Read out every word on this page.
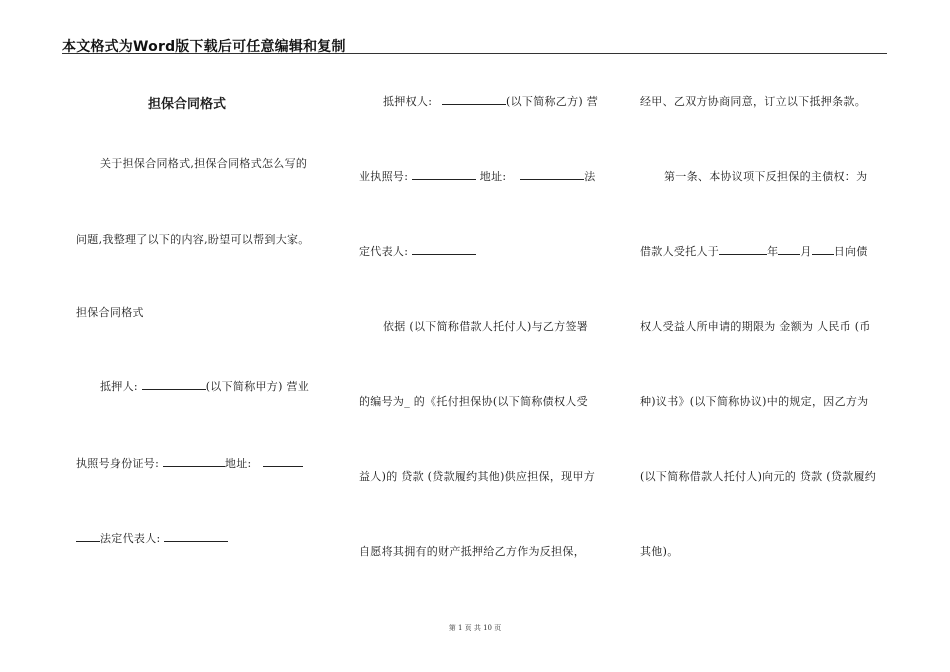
本文格式为Word版下载后可任意编辑和复制
担保合同格式
关于担保合同格式,担保合同格式怎么写的
问题,我整理了以下的内容,盼望可以帮到大家。
担保合同格式
抵押人:	(以下简称甲方) 营业
执照号身份证号:	地址:
法定代表人:
抵押权人:	(以下简称乙方) 营
业执照号:	地址:	法
定代表人:
依据 (以下简称借款人托付人)与乙方签署
的编号为_ 的《托付担保协(以下简称债权人受
益人)的 贷款 (贷款履约其他)供应担保，现甲方
自愿将其拥有的财产抵押给乙方作为反担保，
经甲、乙双方协商同意，订立以下抵押条款。
第一条、本协议项下反担保的主债权：为
借款人受托人于	年 月 日向债
权人受益人所申请的期限为 金额为 人民币 (币
种)议书》(以下简称协议)中的规定，因乙方为
(以下简称借款人托付人)向元的 贷款 (贷款履约
其他)。
第 1 页 共 10 页
